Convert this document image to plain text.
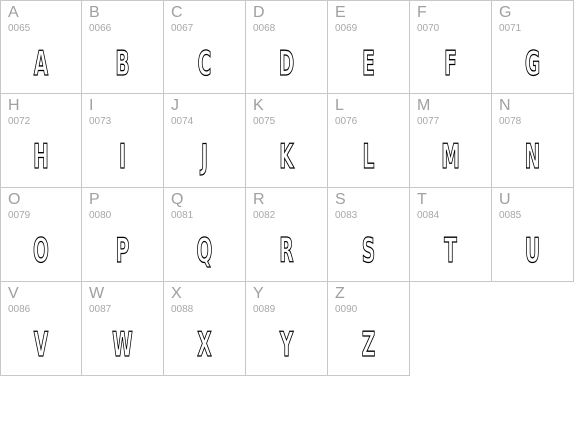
A
0065
A
B
0066
B
C
0067
C
D
0068
D
E
0069
E
F
0070
F
G
0071
G
H
0072
H
I
0073
I
J
0074
J
K
0075
K
L
0076
L
M
0077
M
N
0078
N
O
0079
O
P
0080
P
Q
0081
Q
R
0082
R
S
0083
S
T
0084
T
U
0085
U
V
0086
V
W
0087
W
X
0088
X
Y
0089
Y
Z
0090
Z
